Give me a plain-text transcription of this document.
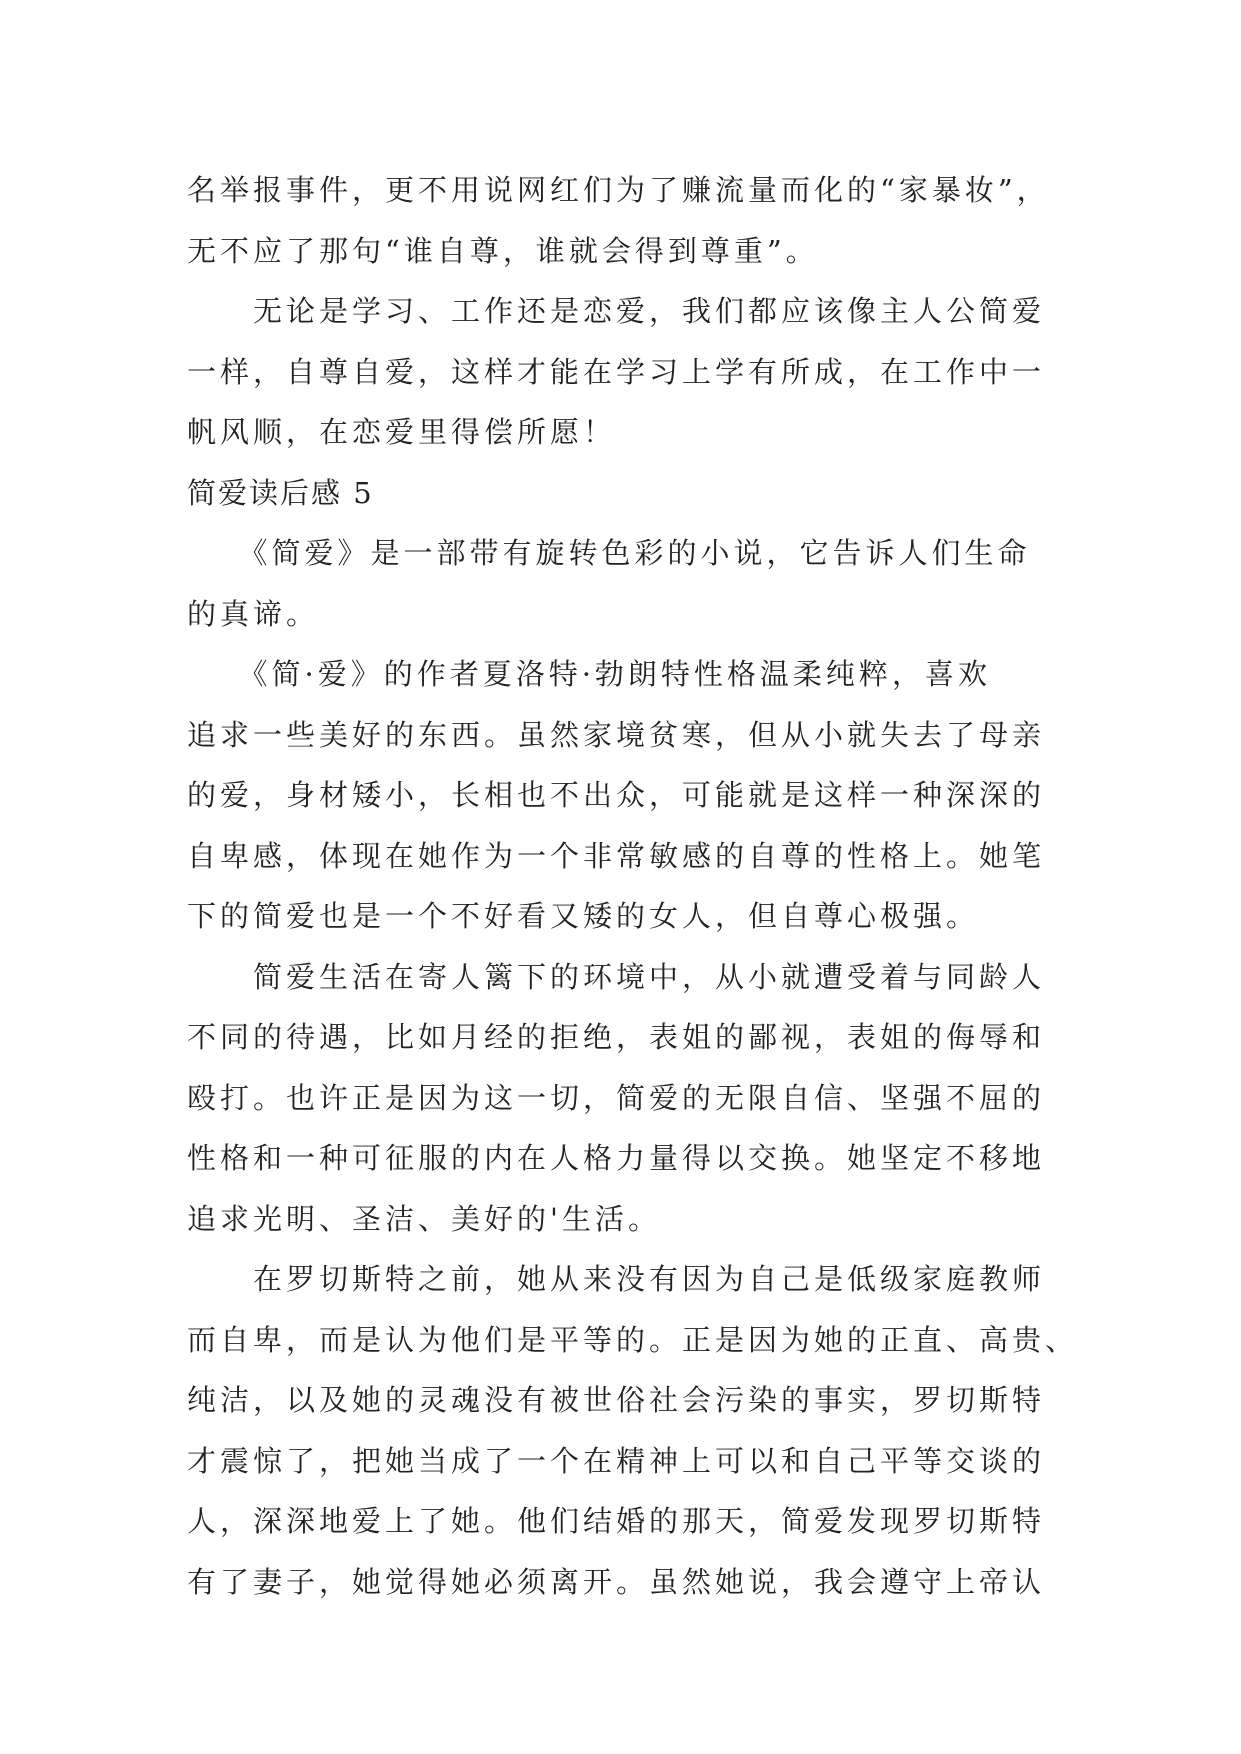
名举报事件，更不用说网红们为了赚流量而化的“家暴妆”，
无不应了那句“谁自尊，谁就会得到尊重”。
　　无论是学习、工作还是恋爱，我们都应该像主人公简爱
一样，自尊自爱，这样才能在学习上学有所成，在工作中一
帆风顺，在恋爱里得偿所愿！
简爱读后感 5
　　《简爱》是一部带有旋转色彩的小说，它告诉人们生命
的真谛。
　　《简·爱》的作者夏洛特·勃朗特性格温柔纯粹，喜欢
追求一些美好的东西。虽然家境贫寒，但从小就失去了母亲
的爱，身材矮小，长相也不出众，可能就是这样一种深深的
自卑感，体现在她作为一个非常敏感的自尊的性格上。她笔
下的简爱也是一个不好看又矮的女人，但自尊心极强。
　　简爱生活在寄人篱下的环境中，从小就遭受着与同龄人
不同的待遇，比如月经的拒绝，表姐的鄙视，表姐的侮辱和
殴打。也许正是因为这一切，简爱的无限自信、坚强不屈的
性格和一种可征服的内在人格力量得以交换。她坚定不移地
追求光明、圣洁、美好的'生活。
　　在罗切斯特之前，她从来没有因为自己是低级家庭教师
而自卑，而是认为他们是平等的。正是因为她的正直、高贵、
纯洁，以及她的灵魂没有被世俗社会污染的事实，罗切斯特
才震惊了，把她当成了一个在精神上可以和自己平等交谈的
人，深深地爱上了她。他们结婚的那天，简爱发现罗切斯特
有了妻子，她觉得她必须离开。虽然她说，我会遵守上帝认
